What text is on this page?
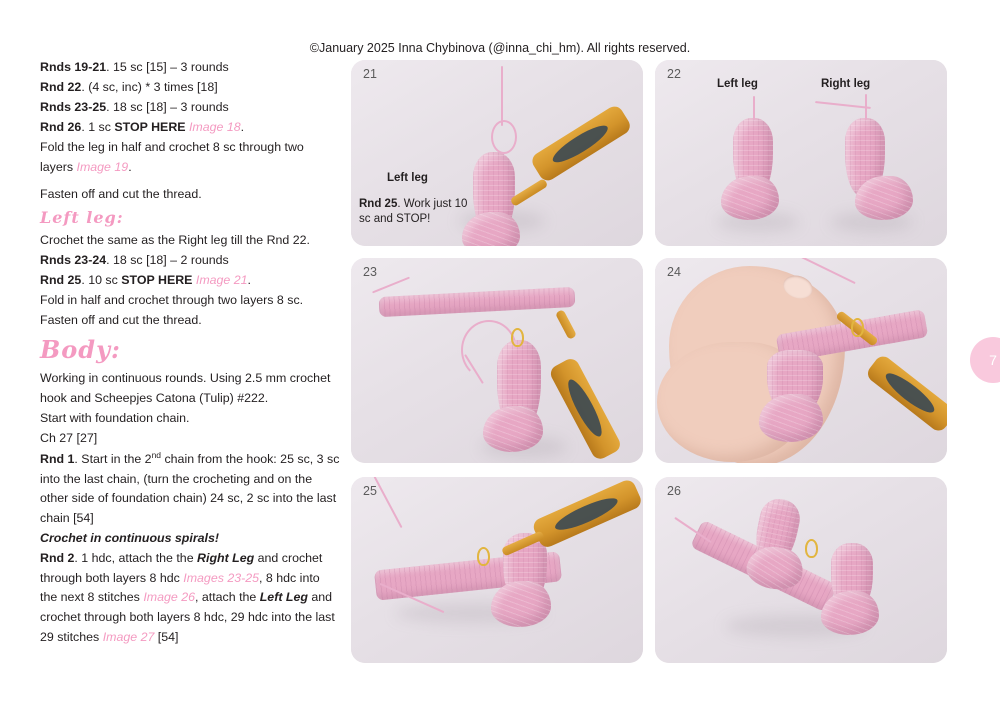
©January 2025 Inna Chybinova (@inna_chi_hm). All rights reserved.

Rnds 19-21. 15 sc [15] – 3 rounds

Rnd 22. (4 sc, inc) * 3 times [18]

Rnds 23-25. 18 sc [18] – 3 rounds

Rnd 26. 1 sc STOP HERE Image 18.

Fold the leg in half and crochet 8 sc through two layers Image 19.

Fasten off and cut the thread.

Left leg:

Crochet the same as the Right leg till the Rnd 22.

Rnds 23-24. 18 sc [18] – 2 rounds

Rnd 25. 10 sc STOP HERE Image 21.

Fold in half and crochet through two layers 8 sc. Fasten off and cut the thread.

Body:

Working in continuous rounds. Using 2.5 mm crochet hook and Scheepjes Catona (Tulip) #222.

Start with foundation chain.

Ch 27 [27]

Rnd 1. Start in the 2nd chain from the hook: 25 sc, 3 sc into the last chain, (turn the crocheting and on the other side of foundation chain) 24 sc, 2 sc into the last chain [54]

Crochet in continuous spirals!

Rnd 2. 1 hdc, attach the the Right Leg and crochet through both layers 8 hdc Images 23-25, 8 hdc into the next 8 stitches Image 26, attach the Left Leg and crochet through both layers 8 hdc, 29 hdc into the last 29 stitches Image 27 [54]

21
Left leg
Rnd 25. Work just 10 sc and STOP!
22
Left leg	Right leg
23	24
25	26
7
